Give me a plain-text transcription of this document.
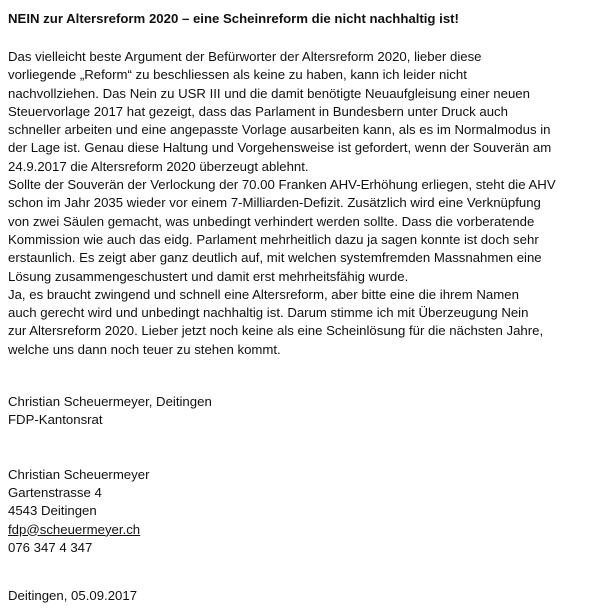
NEIN zur Altersreform 2020 – eine Scheinreform die nicht nachhaltig ist!

Das vielleicht beste Argument der Befürworter der Altersreform 2020, lieber diese
vorliegende „Reform“ zu beschliessen als keine zu haben, kann ich leider nicht
nachvollziehen. Das Nein zu USR III und die damit benötigte Neuaufgleisung einer neuen
Steuervorlage 2017 hat gezeigt, dass das Parlament in Bundesbern unter Druck auch
schneller arbeiten und eine angepasste Vorlage ausarbeiten kann, als es im Normalmodus in
der Lage ist. Genau diese Haltung und Vorgehensweise ist gefordert, wenn der Souverän am
24.9.2017 die Altersreform 2020 überzeugt ablehnt.
Sollte der Souverän der Verlockung der 70.00 Franken AHV-Erhöhung erliegen, steht die AHV
schon im Jahr 2035 wieder vor einem 7-Milliarden-Defizit. Zusätzlich wird eine Verknüpfung
von zwei Säulen gemacht, was unbedingt verhindert werden sollte. Dass die vorberatende
Kommission wie auch das eidg. Parlament mehrheitlich dazu ja sagen konnte ist doch sehr
erstaunlich. Es zeigt aber ganz deutlich auf, mit welchen systemfremden Massnahmen eine
Lösung zusammengeschustert und damit erst mehrheitsfähig wurde.
Ja, es braucht zwingend und schnell eine Altersreform, aber bitte eine die ihrem Namen
auch gerecht wird und unbedingt nachhaltig ist. Darum stimme ich mit Überzeugung Nein
zur Altersreform 2020. Lieber jetzt noch keine als eine Scheinlösung für die nächsten Jahre,
welche uns dann noch teuer zu stehen kommt.
Christian Scheuermeyer, Deitingen
FDP-Kantonsrat
Christian Scheuermeyer
Gartenstrasse 4
4543 Deitingen
fdp@scheuermeyer.ch
076 347 4 347

Deitingen, 05.09.2017
